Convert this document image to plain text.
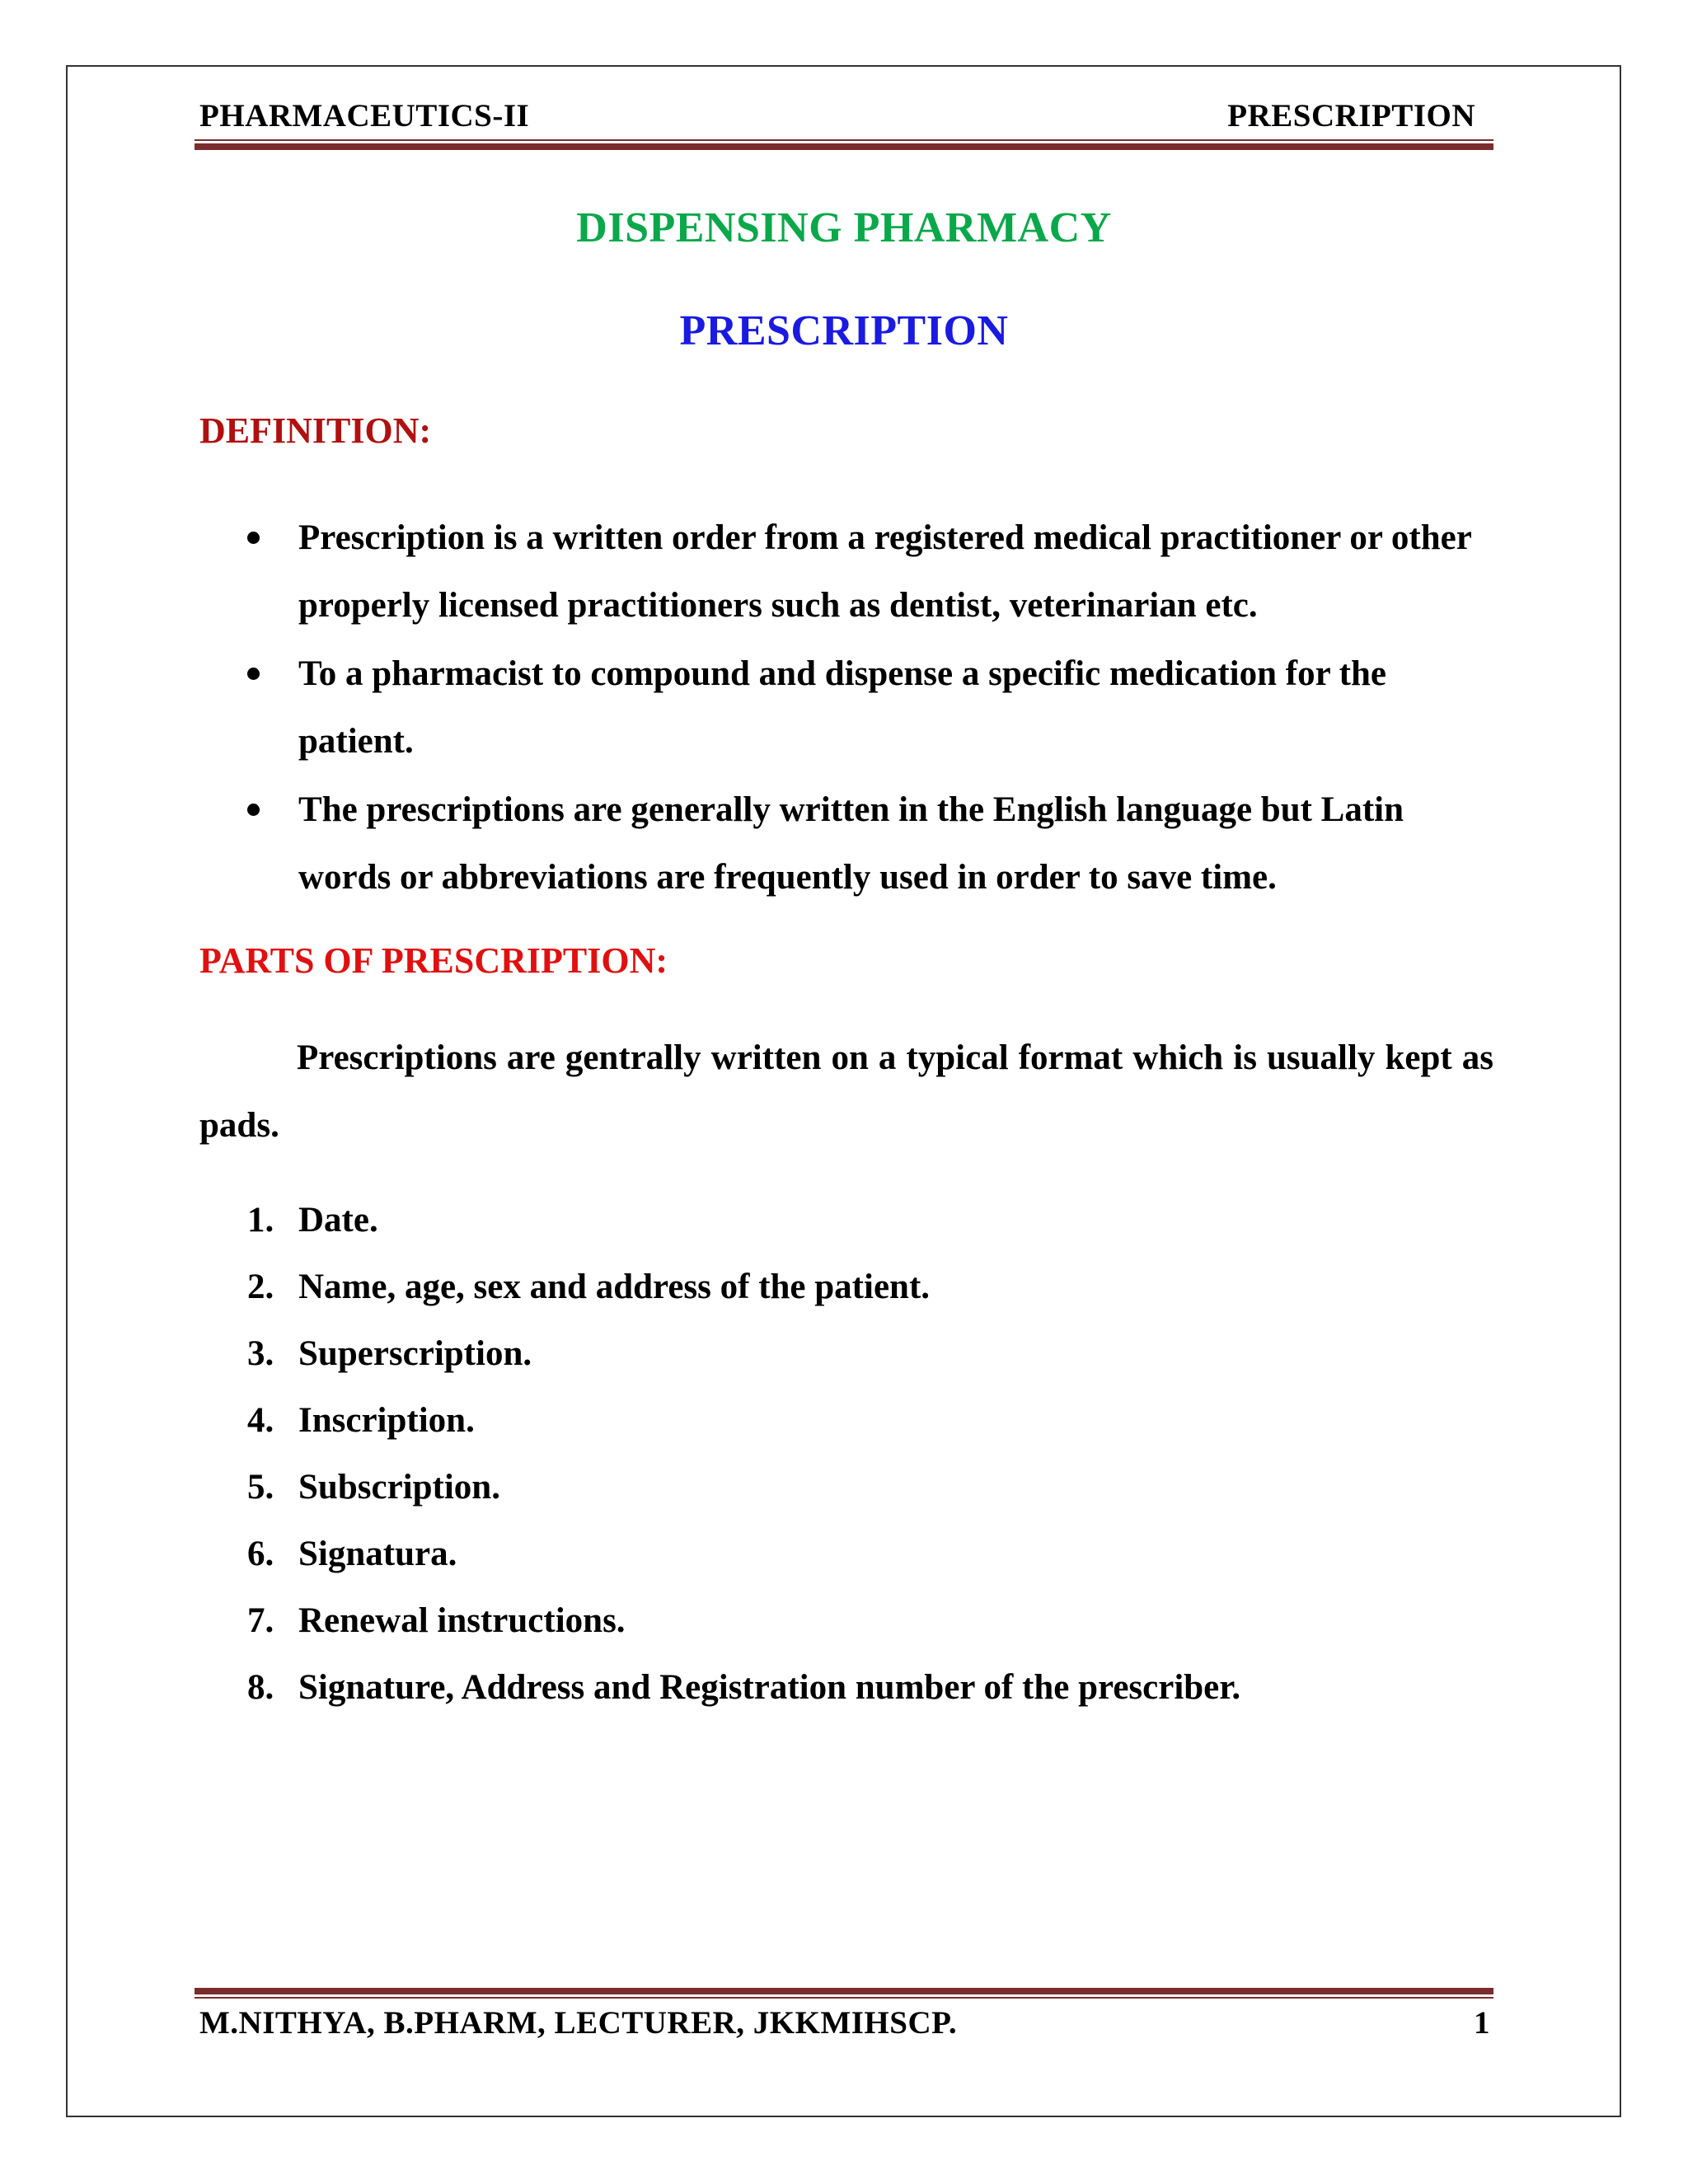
PHARMACEUTICS-II	PRESCRIPTION
DISPENSING PHARMACY
PRESCRIPTION
DEFINITION:
Prescription is a written order from a registered medical practitioner or other properly licensed practitioners such as dentist, veterinarian etc.
To a pharmacist to compound and dispense a specific medication for the patient.
The prescriptions are generally written in the English language but Latin words or abbreviations are frequently used in order to save time.
PARTS OF PRESCRIPTION:

Prescriptions are gentrally written on a typical format which is usually kept as pads.

1. Date.
2. Name, age, sex and address of the patient.
3. Superscription.
4. Inscription.
5. Subscription.
6. Signatura.
7. Renewal instructions.
8. Signature, Address and Registration number of the prescriber.
M.NITHYA, B.PHARM, LECTURER, JKKMIHSCP.	1
